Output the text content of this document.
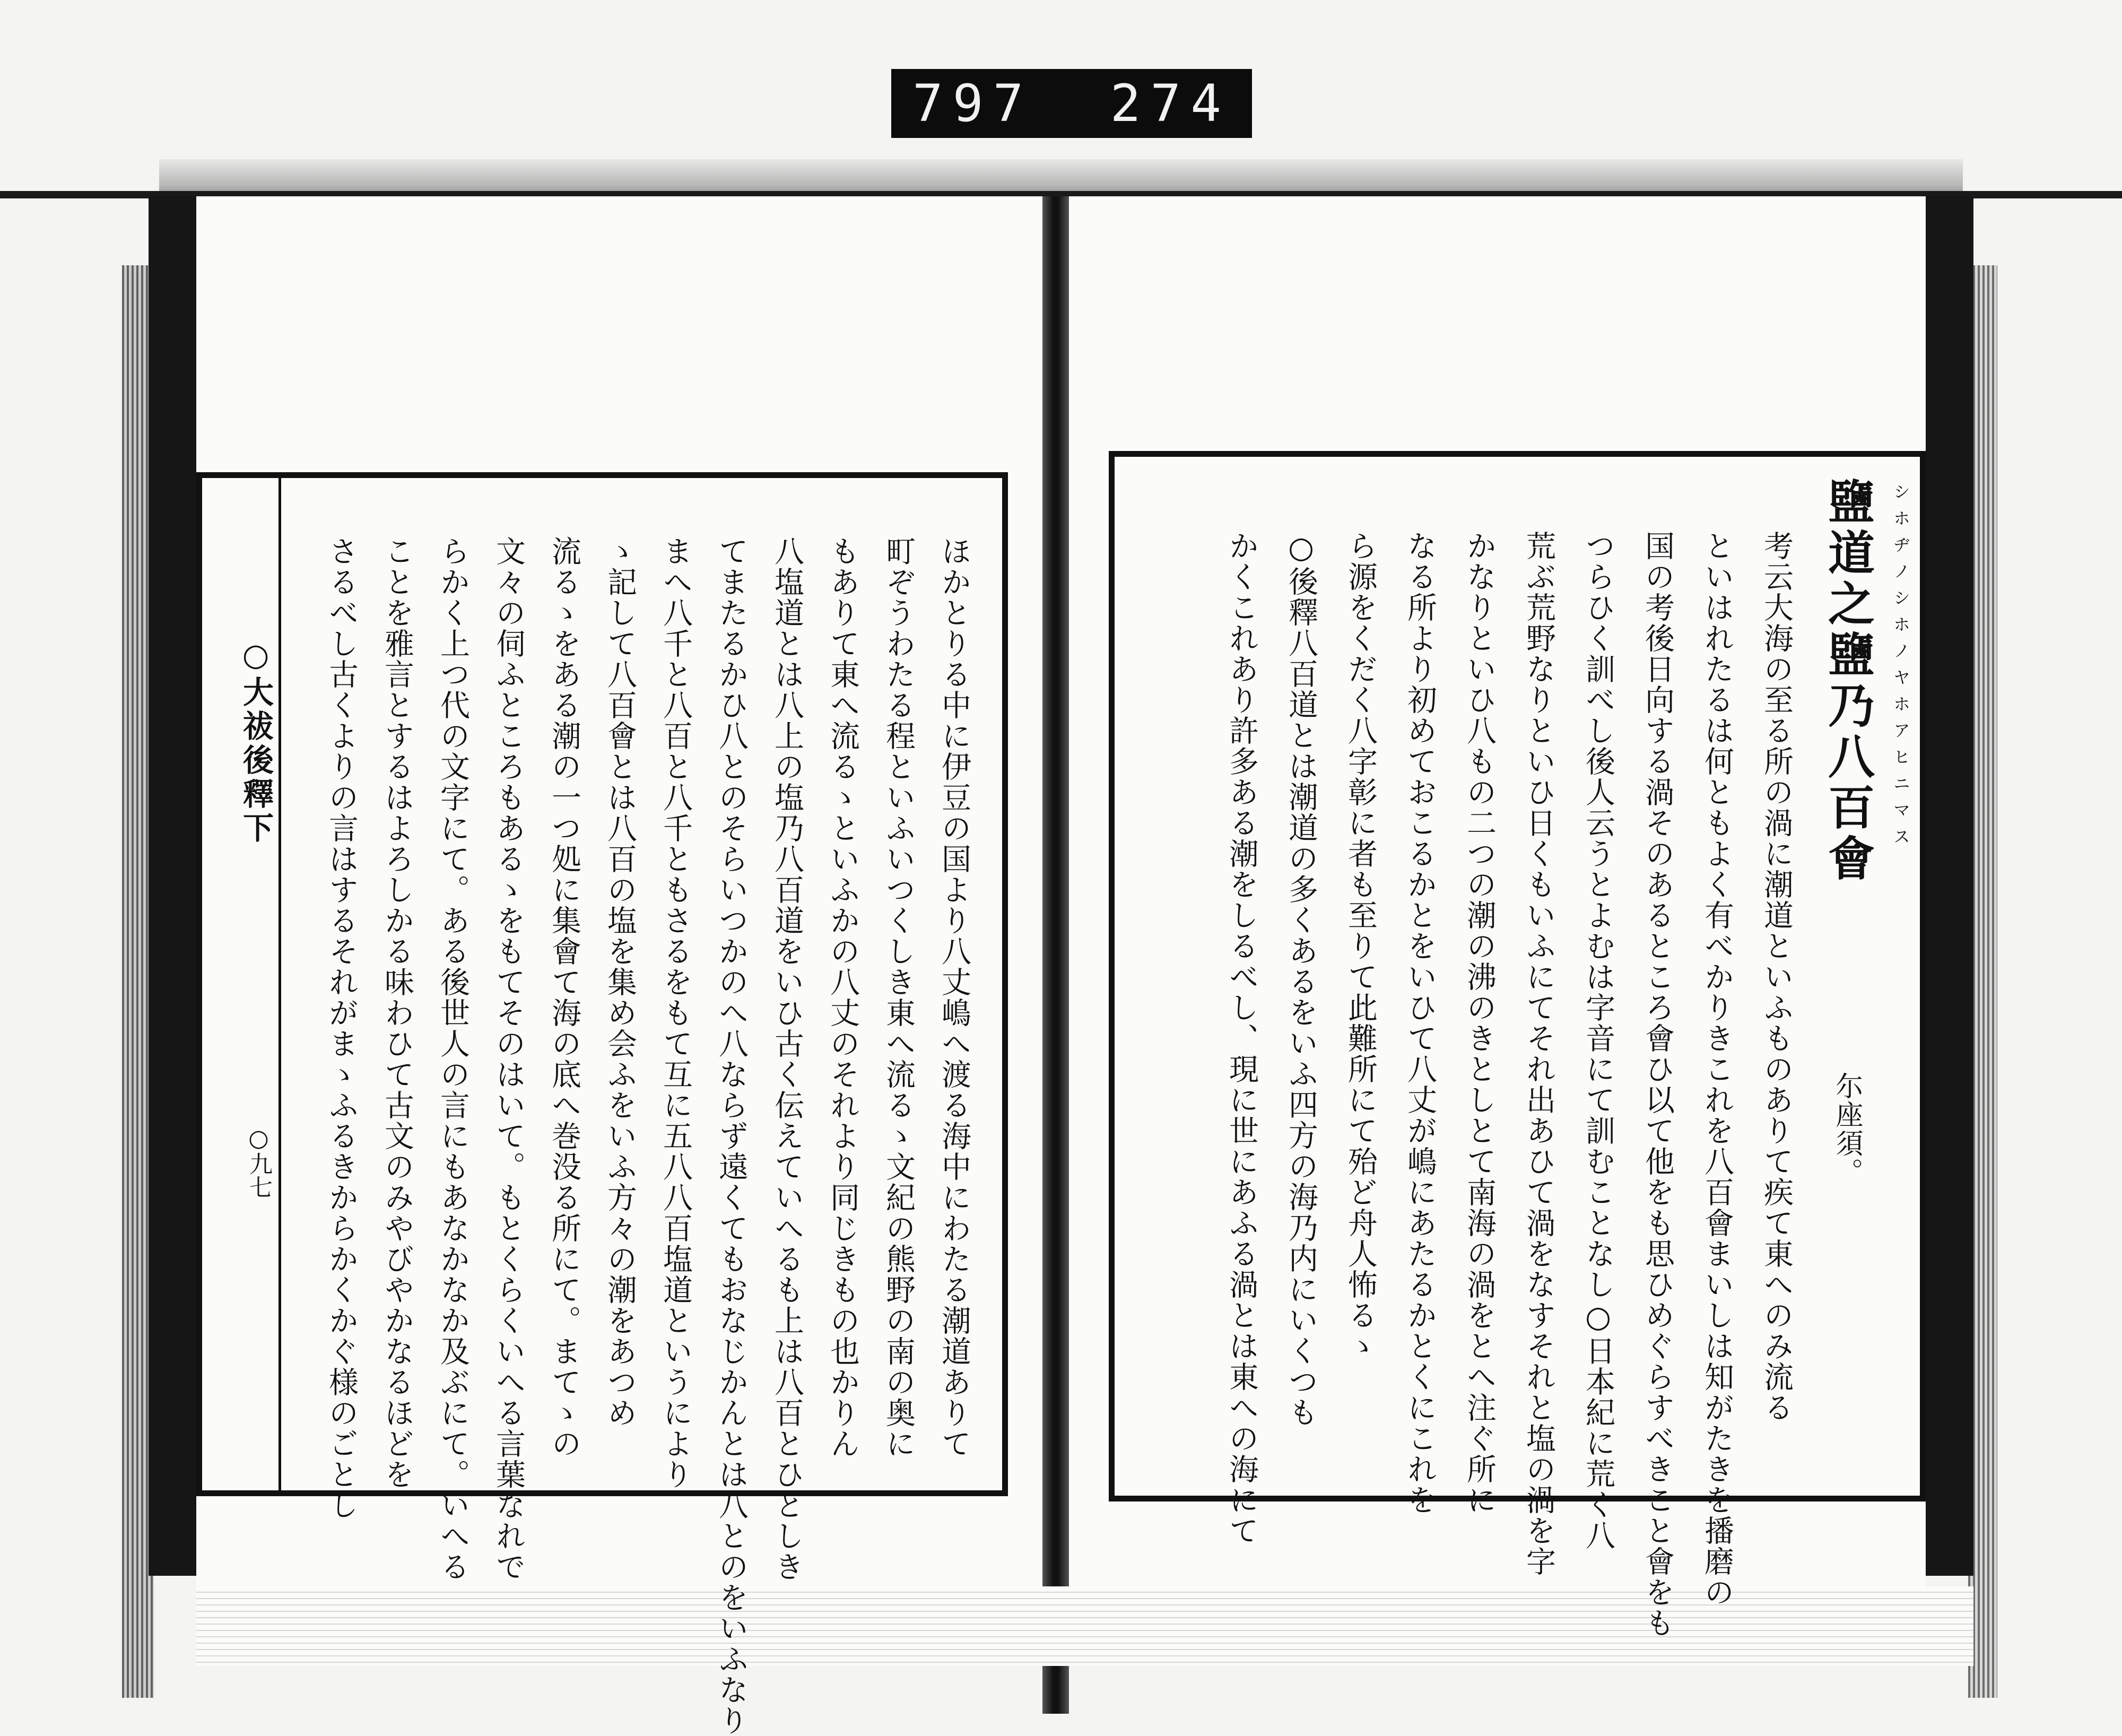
797 274
○大祓後釋下
○九七	ほかとりる中に伊豆の国より八丈嶋へ渡る海中にわたる潮道ありて
町ぞうわたる程といふいつくしき東へ流るゝ文紀の熊野の南の奥に
もありて東へ流るゝといふかの八丈のそれより同じきもの也かりん
八塩道とは八上の塩乃八百道をいひ古く伝えていへるも上は八百とひとしき
てまたるかひ八とのそらいつかのへ八ならず遠くてもおなじかんとは八とのをいふなり
まへ八千と八百と八千ともさるをもて互に五八八百塩道というにより
ゝ記して八百會とは八百の塩を集め会ふをいふ方々の潮をあつめ
流るゝをある潮の一つ処に集會て海の底へ巻没る所にて。まてゝの
文々の伺ふところもあるゝをもてそのはいて。もとくらくいへる言葉なれで
らかく上つ代の文字にて。ある後世人の言にもあなかなか及ぶにて。いへる
ことを雅言とするはよろしかる味わひて古文のみやびやかなるほどを
さるべし古くよりの言はするそれがまゝふるきからかくかぐ様のごとし	シホヂノシホノヤホアヒニマス
鹽道之鹽乃八百會
尓座須。
考云大海の至る所の渦に潮道といふものありて疾て東へのみ流る
といはれたるは何ともよく有べかりきこれを八百會まいしは知がたきを播磨の
国の考後日向する渦そのあるところ會ひ以て他をも思ひめぐらすべきこと會をも
つらひく訓べし後人云うとよむは字音にて訓むことなし○日本紀に荒く八
荒ぶ荒野なりといひ日くもいふにてそれ出あひて渦をなすそれと塩の渦を字
かなりといひ八もの二つの潮の沸のきとしとて南海の渦をとへ注ぐ所に
なる所より初めておこるかとをいひて八丈が嶋にあたるかとくにこれを
ら源をくだく八字彰に者も至りて此難所にて殆ど舟人怖るゝ
○後釋八百道とは潮道の多くあるをいふ四方の海乃内にいくつも
かくこれあり許多ある潮をしるべし、現に世にあふる渦とは東への海にて
